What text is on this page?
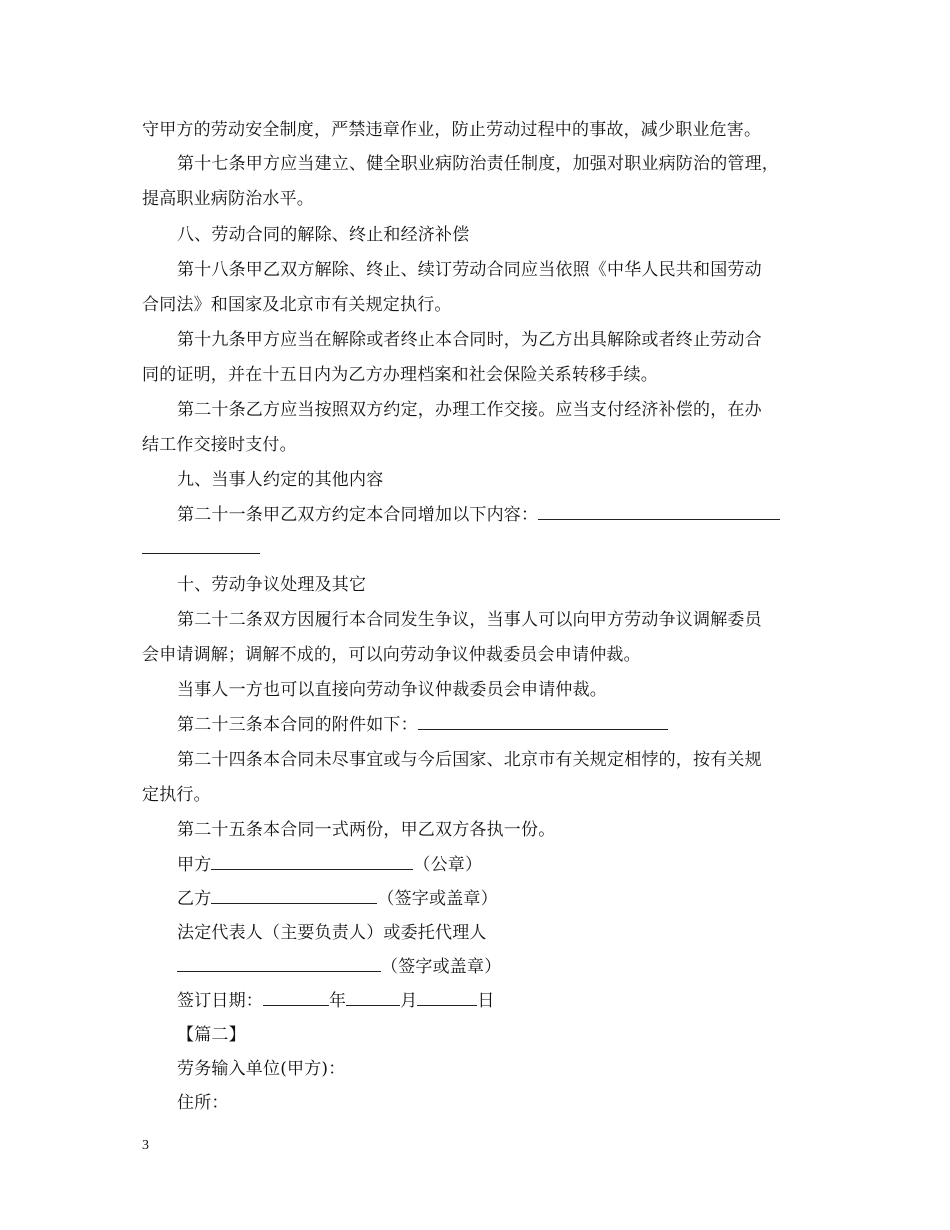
守甲方的劳动安全制度，严禁违章作业，防止劳动过程中的事故，减少职业危害。
第十七条甲方应当建立、健全职业病防治责任制度，加强对职业病防治的管理，
提高职业病防治水平。
八、劳动合同的解除、终止和经济补偿
第十八条甲乙双方解除、终止、续订劳动合同应当依照《中华人民共和国劳动
合同法》和国家及北京市有关规定执行。
第十九条甲方应当在解除或者终止本合同时，为乙方出具解除或者终止劳动合
同的证明，并在十五日内为乙方办理档案和社会保险关系转移手续。
第二十条乙方应当按照双方约定，办理工作交接。应当支付经济补偿的，在办
结工作交接时支付。
九、当事人约定的其他内容
第二十一条甲乙双方约定本合同增加以下内容：
十、劳动争议处理及其它
第二十二条双方因履行本合同发生争议，当事人可以向甲方劳动争议调解委员
会申请调解；调解不成的，可以向劳动争议仲裁委员会申请仲裁。
当事人一方也可以直接向劳动争议仲裁委员会申请仲裁。
第二十三条本合同的附件如下：
第二十四条本合同未尽事宜或与今后国家、北京市有关规定相悖的，按有关规
定执行。
第二十五条本合同一式两份，甲乙双方各执一份。
甲方	（公章）
乙方	（签字或盖章）
法定代表人（主要负责人）或委托代理人
（签字或盖章）
签订日期：	年	月	日
【篇二】
劳务输入单位(甲方)：
住所：
3
